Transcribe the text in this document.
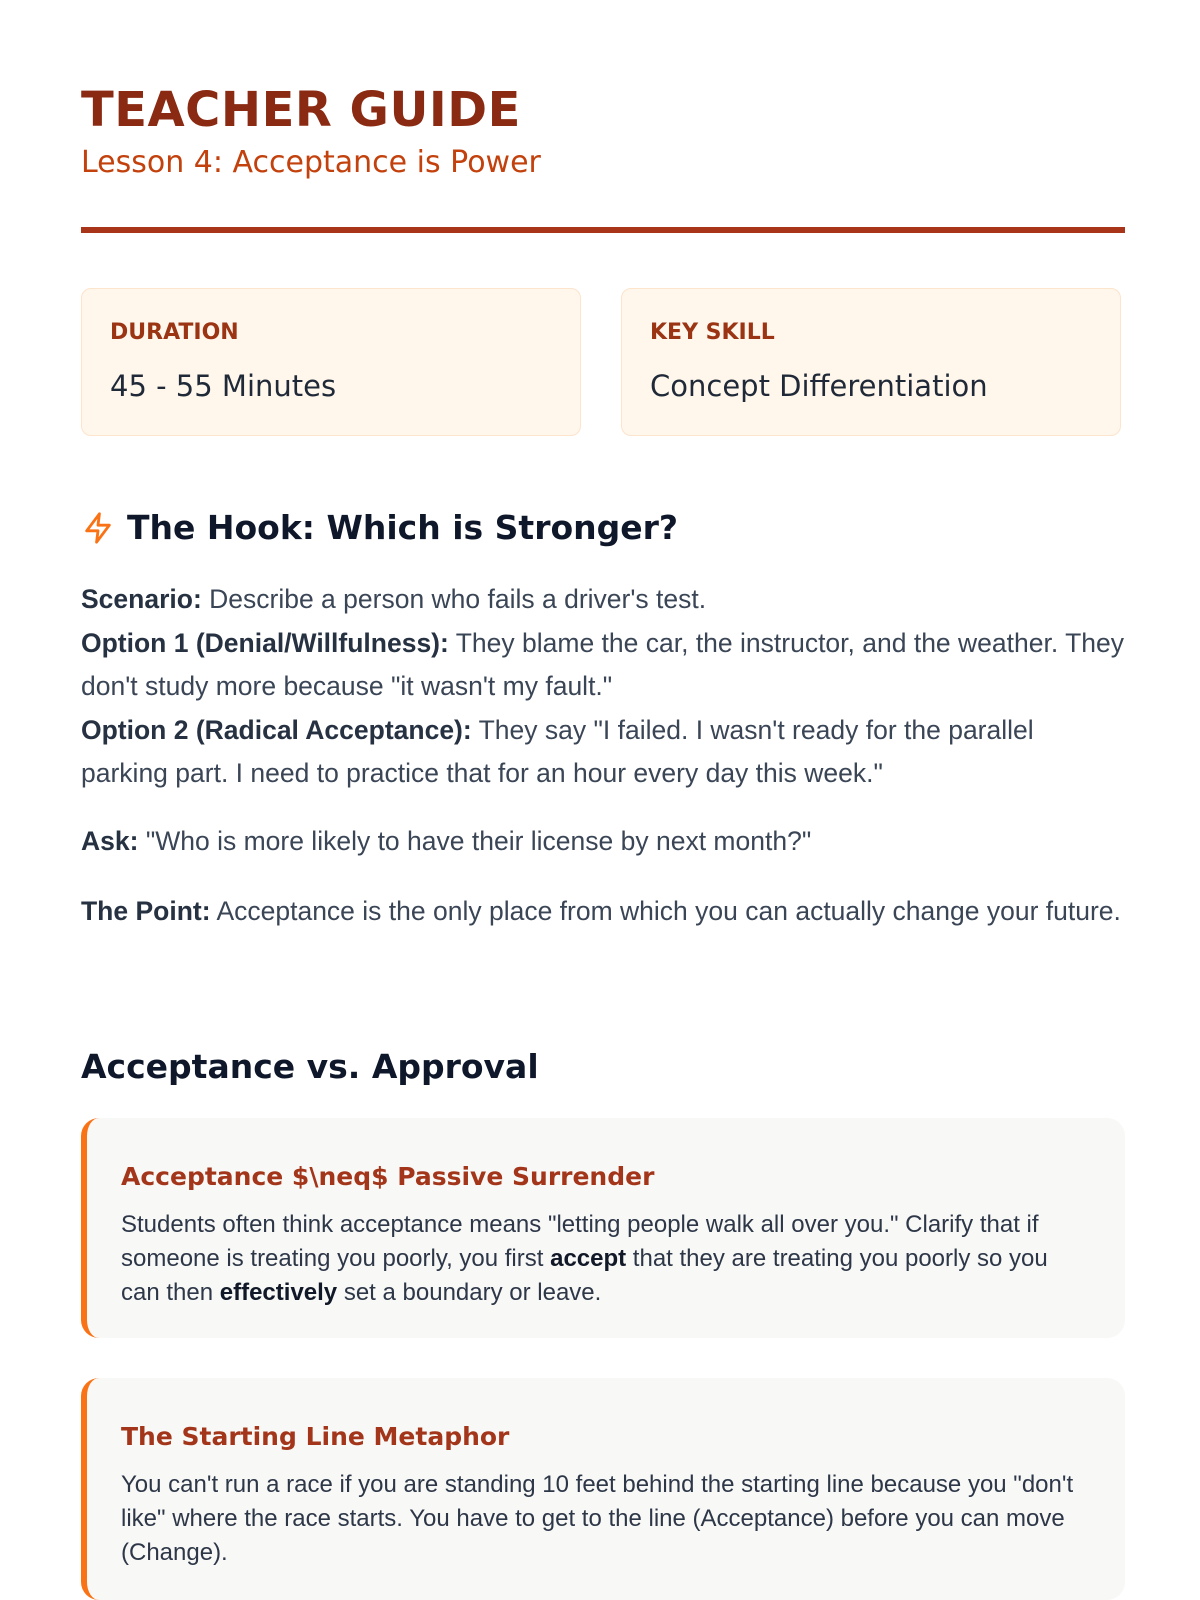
TEACHER GUIDE
Lesson 4: Acceptance is Power
DURATION
45 - 55 Minutes
KEY SKILL
Concept Differentiation
The Hook: Which is Stronger?

Scenario: Describe a person who fails a driver's test.
Option 1 (Denial/Willfulness): They blame the car, the instructor, and the weather. They don't study more because "it wasn't my fault."
Option 2 (Radical Acceptance): They say "I failed. I wasn't ready for the parallel parking part. I need to practice that for an hour every day this week."

Ask: "Who is more likely to have their license by next month?"

The Point: Acceptance is the only place from which you can actually change your future.

Acceptance vs. Approval
Acceptance $\neq$ Passive Surrender

Students often think acceptance means "letting people walk all over you." Clarify that if someone is treating you poorly, you first accept that they are treating you poorly so you can then effectively set a boundary or leave.

The Starting Line Metaphor

You can't run a race if you are standing 10 feet behind the starting line because you "don't like" where the race starts. You have to get to the line (Acceptance) before you can move (Change).
